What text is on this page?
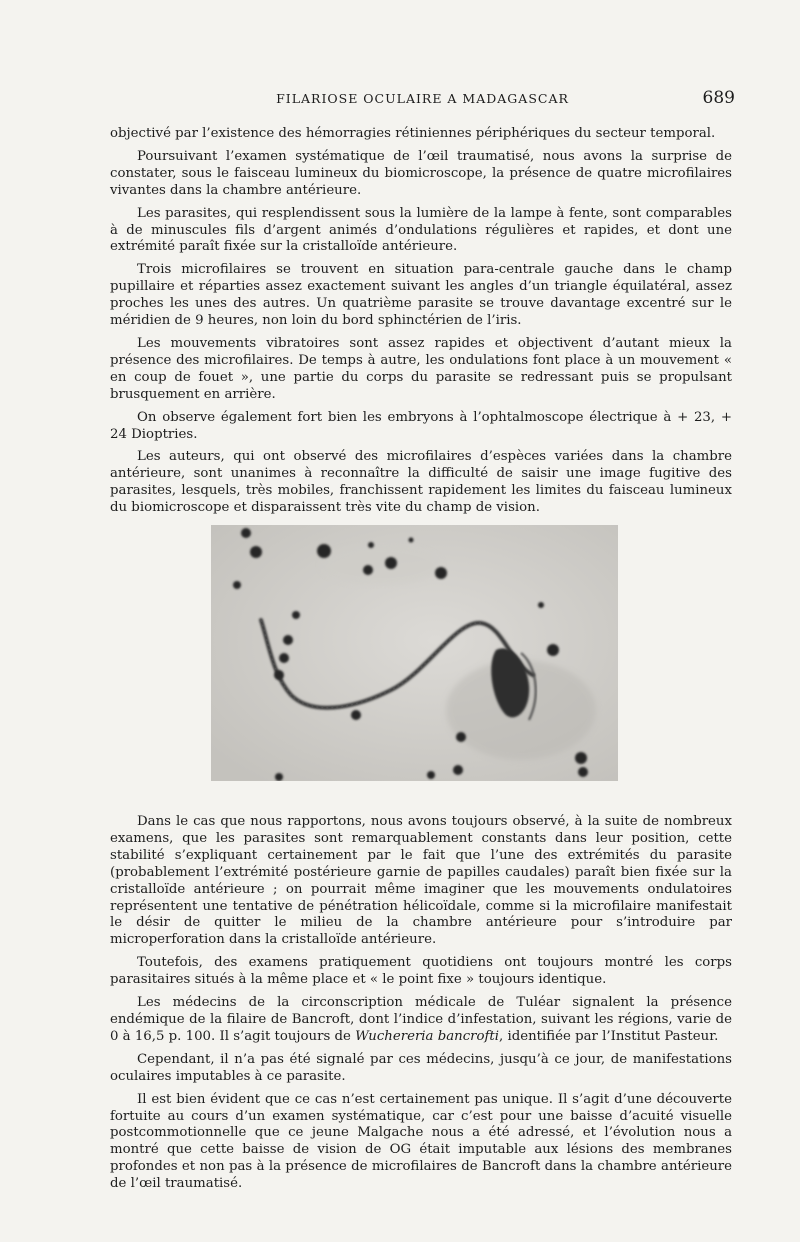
FILARIOSE OCULAIRE A MADAGASCAR	689

objectivé par l’existence des hémorragies rétiniennes périphériques du secteur temporal.

Poursuivant l’examen systématique de l’œil traumatisé, nous avons la surprise de constater, sous le faisceau lumineux du biomicroscope, la présence de quatre microfilaires vivantes dans la chambre antérieure.

Les parasites, qui resplendissent sous la lumière de la lampe à fente, sont comparables à de minuscules fils d’argent animés d’ondulations régulières et rapides, et dont une extrémité paraît fixée sur la cristalloïde antérieure.

Trois microfilaires se trouvent en situation para-centrale gauche dans le champ pupillaire et réparties assez exactement suivant les angles d’un triangle équilatéral, assez proches les unes des autres. Un quatrième parasite se trouve davantage excentré sur le méridien de 9 heures, non loin du bord sphinctérien de l’iris.

Les mouvements vibratoires sont assez rapides et objectivent d’autant mieux la présence des microfilaires. De temps à autre, les ondulations font place à un mouvement « en coup de fouet », une partie du corps du parasite se redressant puis se propulsant brusquement en arrière.

On observe également fort bien les embryons à l’ophtalmoscope électrique à + 23, + 24 Dioptries.

Les auteurs, qui ont observé des microfilaires d’espèces variées dans la chambre antérieure, sont unanimes à reconnaître la difficulté de saisir une image fugitive des parasites, lesquels, très mobiles, franchissent rapidement les limites du faisceau lumineux du biomicroscope et disparaissent très vite du champ de vision.

Dans le cas que nous rapportons, nous avons toujours observé, à la suite de nombreux examens, que les parasites sont remarquablement constants dans leur position, cette stabilité s’expliquant certainement par le fait que l’une des extrémités du parasite (probablement l’extrémité postérieure garnie de papilles caudales) paraît bien fixée sur la cristalloïde antérieure ; on pourrait même imaginer que les mouvements ondulatoires représentent une tentative de pénétration hélicoïdale, comme si la microfilaire manifestait le désir de quitter le milieu de la chambre antérieure pour s’introduire par microperforation dans la cristalloïde antérieure.

Toutefois, des examens pratiquement quotidiens ont toujours montré les corps parasitaires situés à la même place et « le point fixe » toujours identique.

Les médecins de la circonscription médicale de Tuléar signalent la présence endémique de la filaire de Bancroft, dont l’indice d’infestation, suivant les régions, varie de 0 à 16,5 p. 100. Il s’agit toujours de Wuchereria bancrofti, identifiée par l’Institut Pasteur.

Cependant, il n’a pas été signalé par ces médecins, jusqu’à ce jour, de manifestations oculaires imputables à ce parasite.

Il est bien évident que ce cas n’est certainement pas unique. Il s’agit d’une découverte fortuite au cours d’un examen systématique, car c’est pour une baisse d’acuité visuelle postcommotionnelle que ce jeune Malgache nous a été adressé, et l’évolution nous a montré que cette baisse de vision de OG était imputable aux lésions des membranes profondes et non pas à la présence de microfilaires de Bancroft dans la chambre antérieure de l’œil traumatisé.
